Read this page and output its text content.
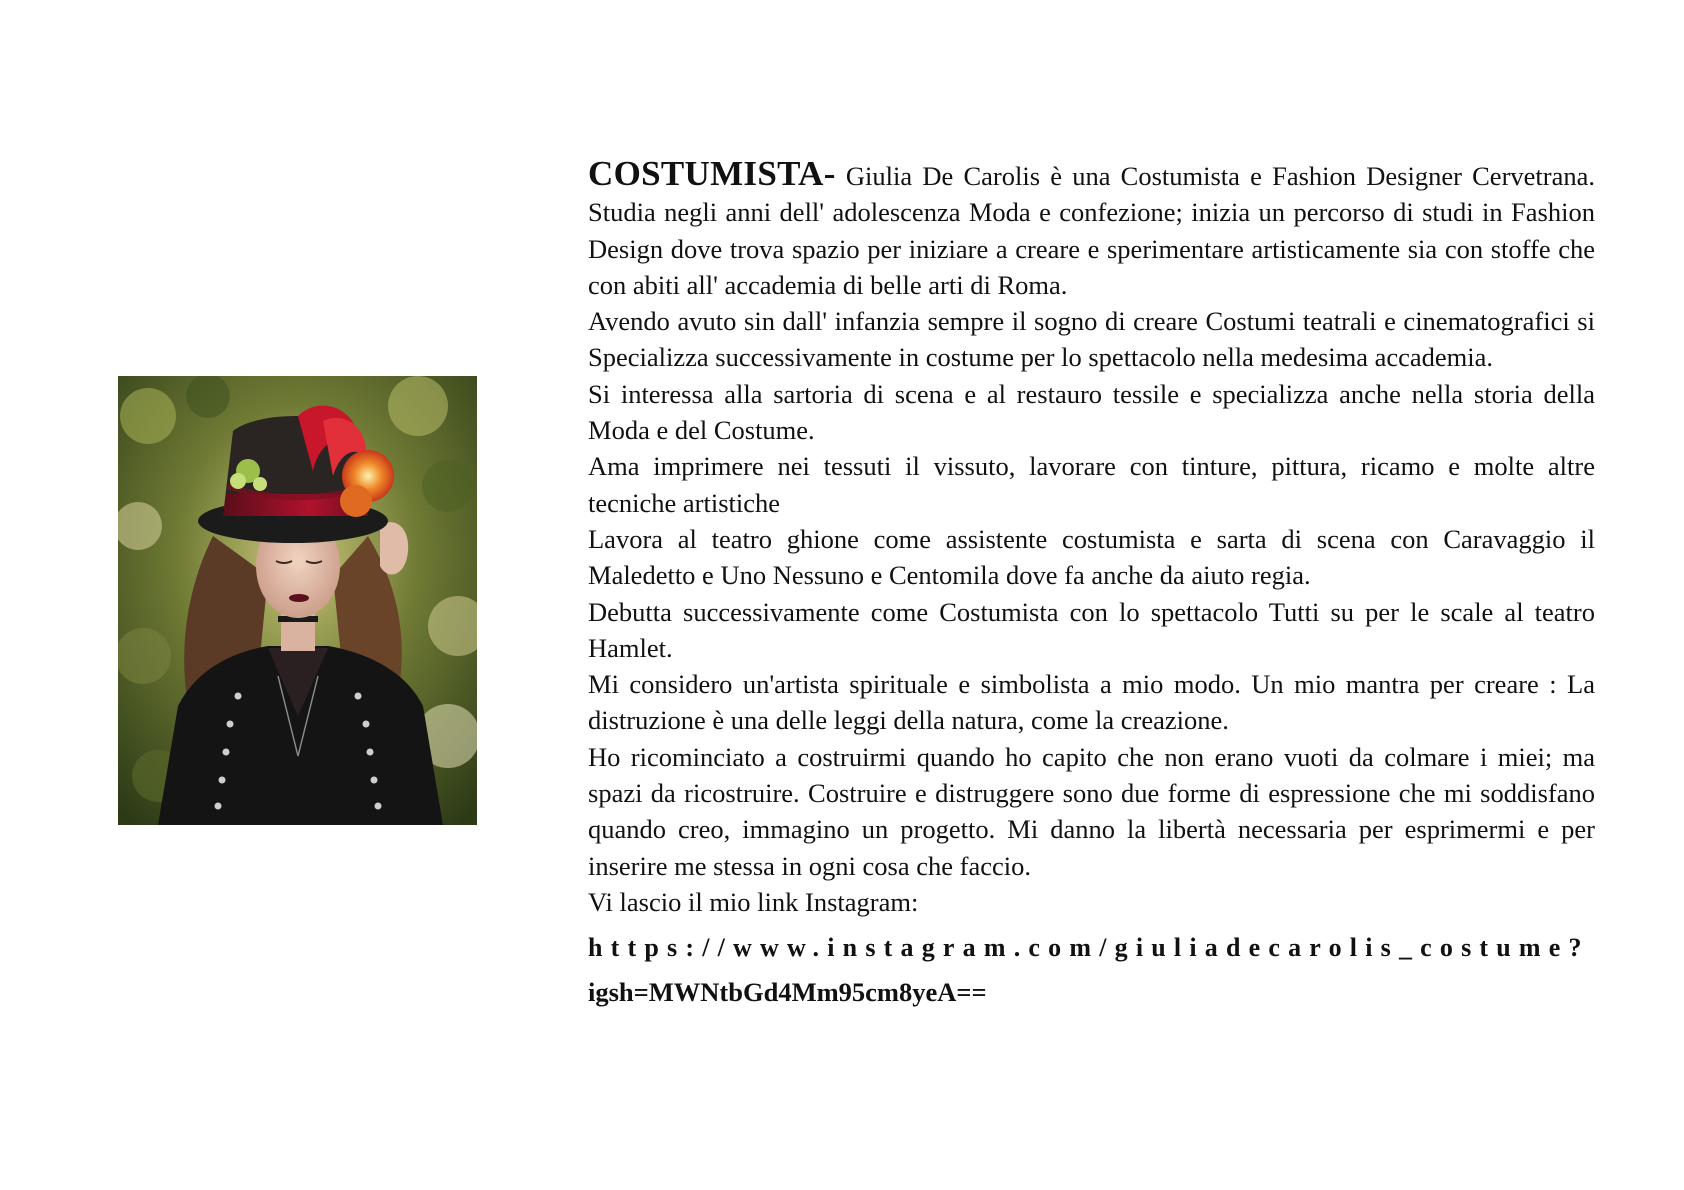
COSTUMISTA- Giulia De Carolis è una Costumista e Fashion Designer Cervetrana. Studia negli anni dell' adolescenza Moda e confezione; inizia un percorso di studi in Fashion Design dove trova spazio per iniziare a creare e sperimentare artisticamente sia con stoffe che con abiti all' accademia di belle arti di Roma.

Avendo avuto sin dall' infanzia sempre il sogno di creare Costumi teatrali e cinematografici si Specializza successivamente in costume per lo spettacolo nella medesima accademia.

Si interessa alla sartoria di scena e al restauro tessile e specializza anche nella storia della Moda e del Costume.

Ama imprimere nei tessuti il vissuto, lavorare con tinture, pittura, ricamo e molte altre tecniche artistiche

Lavora al teatro ghione come assistente costumista e sarta di scena con Caravaggio il Maledetto e Uno Nessuno e Centomila dove fa anche da aiuto regia.

Debutta successivamente come Costumista con lo spettacolo Tutti su per le scale al teatro Hamlet.

Mi considero un'artista spirituale e simbolista a mio modo. Un mio mantra per creare : La distruzione è una delle leggi della natura, come la creazione.

Ho ricominciato a costruirmi quando ho capito che non erano vuoti da colmare i miei; ma spazi da ricostruire. Costruire e distruggere sono due forme di espressione che mi soddisfano quando creo, immagino un progetto. Mi danno la libertà necessaria per esprimermi e per inserire me stessa in ogni cosa che faccio.

Vi lascio il mio link Instagram:

https://www.instagram.com/giuliadecarolis_costume?

igsh=MWNtbGd4Mm95cm8yeA==
